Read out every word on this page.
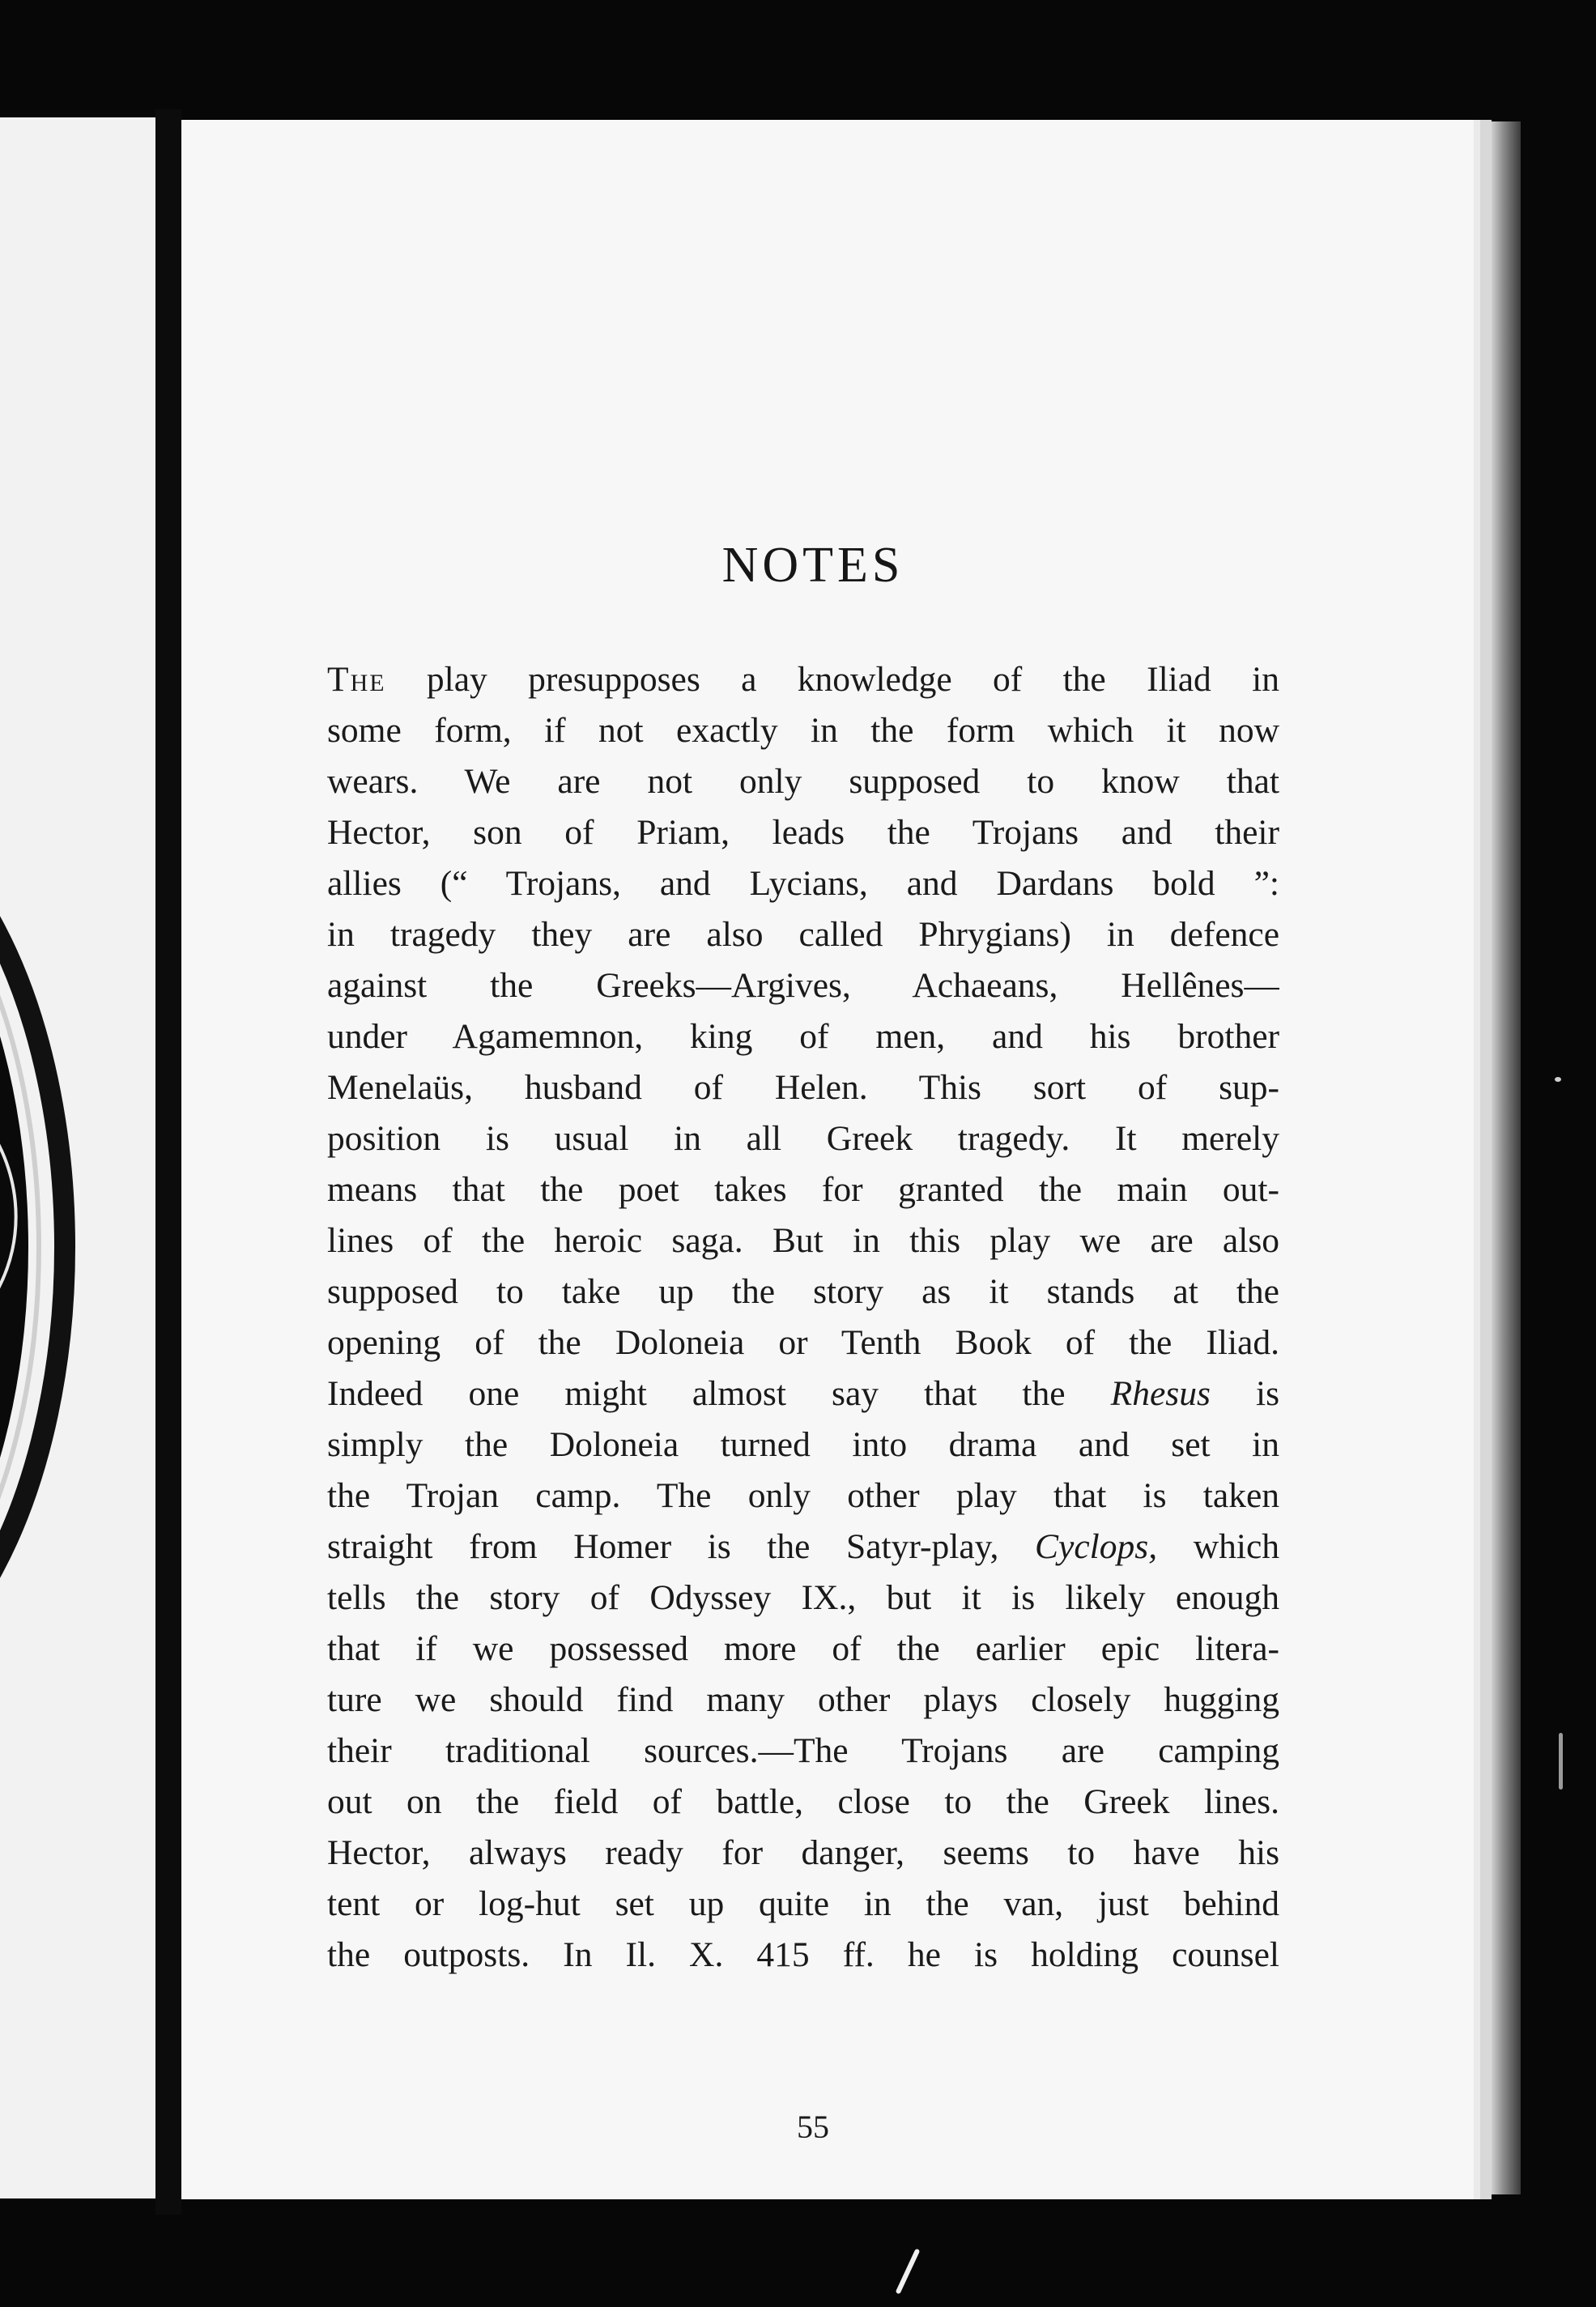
NOTES
The play presupposes a knowledge of the Iliad in
some form, if not exactly in the form which it now
wears. We are not only supposed to know that
Hector, son of Priam, leads the Trojans and their
allies (“ Trojans, and Lycians, and Dardans bold ”:
in tragedy they are also called Phrygians) in defence
against the Greeks—Argives, Achaeans, Hellênes—
under Agamemnon, king of men, and his brother
Menelaüs, husband of Helen. This sort of sup-
position is usual in all Greek tragedy. It merely
means that the poet takes for granted the main out-
lines of the heroic saga. But in this play we are also
supposed to take up the story as it stands at the
opening of the Doloneia or Tenth Book of the Iliad.
Indeed one might almost say that the Rhesus is
simply the Doloneia turned into drama and set in
the Trojan camp. The only other play that is taken
straight from Homer is the Satyr-play, Cyclops, which
tells the story of Odyssey IX., but it is likely enough
that if we possessed more of the earlier epic litera-
ture we should find many other plays closely hugging
their traditional sources.—The Trojans are camping
out on the field of battle, close to the Greek lines.
Hector, always ready for danger, seems to have his
tent or log-hut set up quite in the van, just behind
the outposts. In Il. X. 415 ff. he is holding counsel
55
